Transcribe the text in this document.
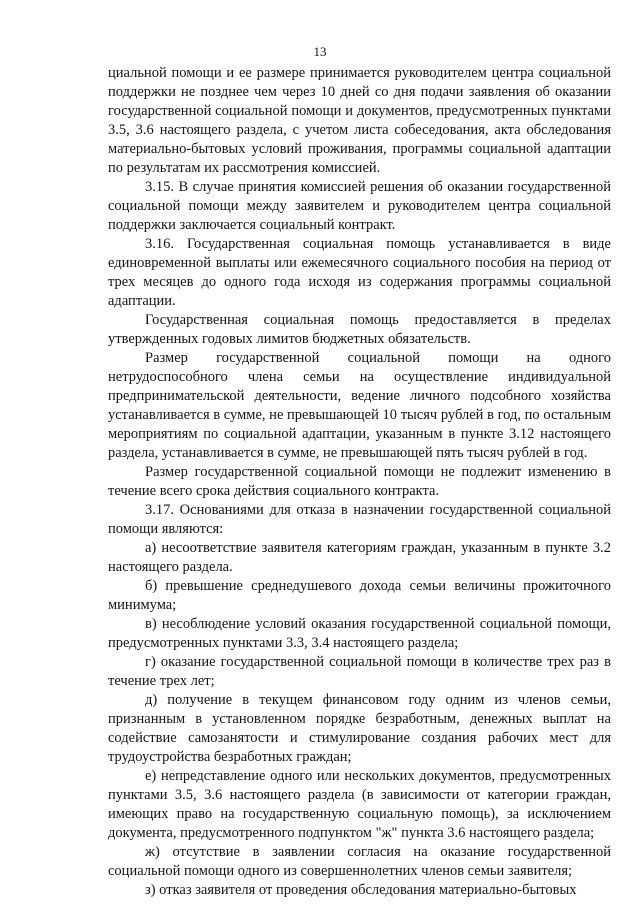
13

циальной помощи и ее размере принимается руководителем центра социальной поддержки не позднее чем через 10 дней со дня подачи заявления об оказании государственной социальной помощи и документов, предусмотренных пунктами 3.5, 3.6 настоящего раздела, с учетом листа собеседования, акта обследования материально-бытовых условий проживания, программы социальной адаптации по результатам их рассмотрения комиссией.

3.15. В случае принятия комиссией решения об оказании государственной социальной помощи между заявителем и руководителем центра социальной поддержки заключается социальный контракт.

3.16. Государственная социальная помощь устанавливается в виде единовременной выплаты или ежемесячного социального пособия на период от трех месяцев до одного года исходя из содержания программы социальной адаптации.

Государственная социальная помощь предоставляется в пределах утвержденных годовых лимитов бюджетных обязательств.

Размер государственной социальной помощи на одного нетрудоспособного члена семьи на осуществление индивидуальной предпринимательской деятельности, ведение личного подсобного хозяйства устанавливается в сумме, не превышающей 10 тысяч рублей в год, по остальным мероприятиям по социальной адаптации, указанным в пункте 3.12 настоящего раздела, устанавливается в сумме, не превышающей пять тысяч рублей в год.

Размер государственной социальной помощи не подлежит изменению в течение всего срока действия социального контракта.

3.17. Основаниями для отказа в назначении государственной социальной помощи являются:

а) несоответствие заявителя категориям граждан, указанным в пункте 3.2 настоящего раздела.

б) превышение среднедушевого дохода семьи величины прожиточного минимума;

в) несоблюдение условий оказания государственной социальной помощи, предусмотренных пунктами 3.3, 3.4 настоящего раздела;

г) оказание государственной социальной помощи в количестве трех раз в течение трех лет;

д) получение в текущем финансовом году одним из членов семьи, признанным в установленном порядке безработным, денежных выплат на содействие самозанятости и стимулирование создания рабочих мест для трудоустройства безработных граждан;

е) непредставление одного или нескольких документов, предусмотренных пунктами 3.5, 3.6 настоящего раздела (в зависимости от категории граждан, имеющих право на государственную социальную помощь), за исключением документа, предусмотренного подпунктом "ж" пункта 3.6 настоящего раздела;

ж) отсутствие в заявлении согласия на оказание государственной социальной помощи одного из совершеннолетних членов семьи заявителя;

з) отказ заявителя от проведения обследования материально-бытовых
